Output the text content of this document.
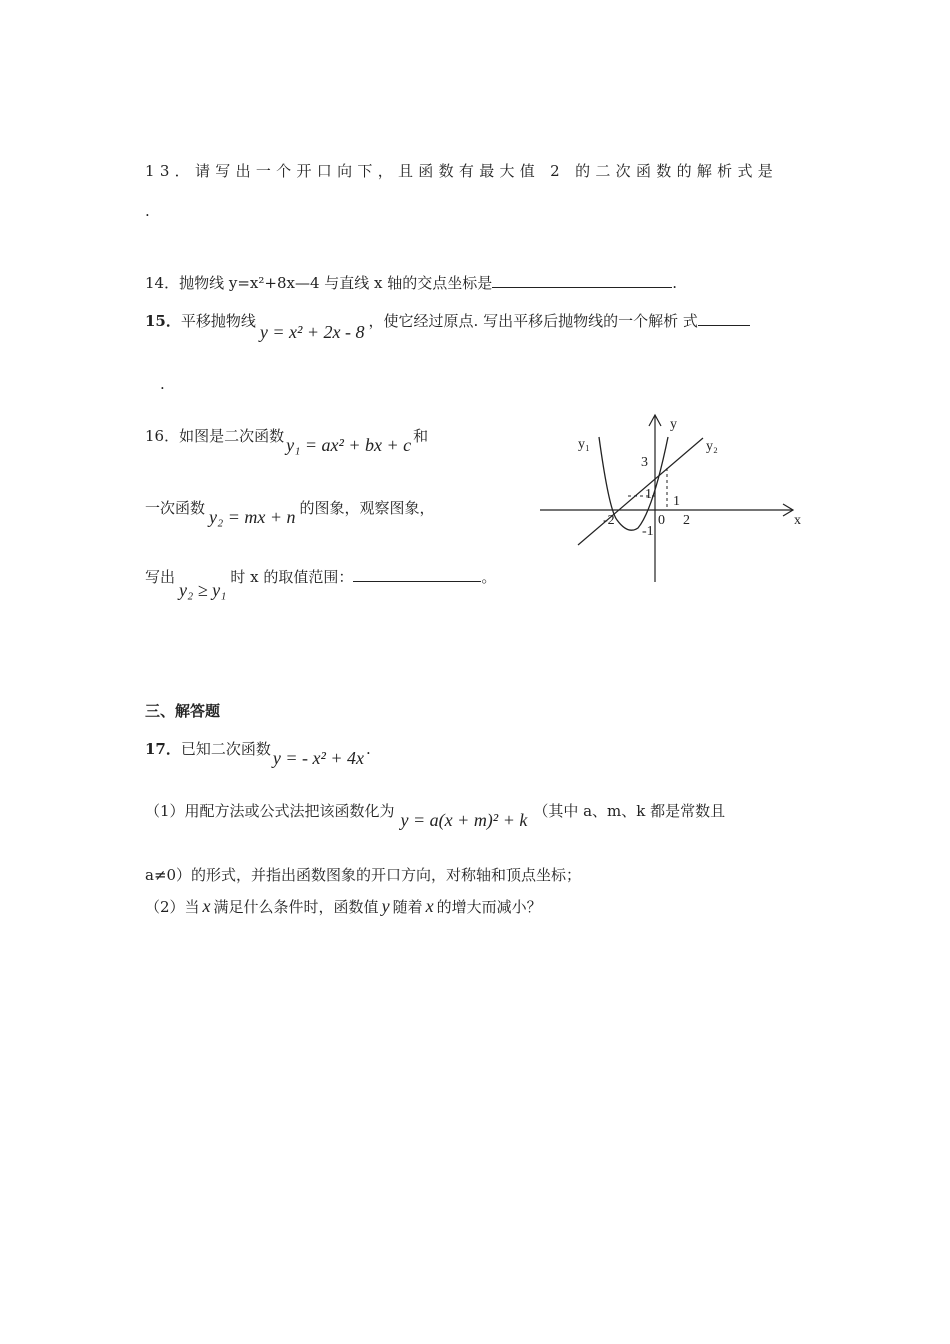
13．请写出一个开口向下，且函数有最大值 2 的二次函数的解析式是
.
14．抛物线 y=x²+8x—4 与直线 x 轴的交点坐标是	.
15．平移抛物线y = x² + 2x - 8，使它经过原点. 写出平移后抛物线的一个解析 式
.
16．如图是二次函数 y₁ = ax² + bx + c 和
一次函数 y₂ = mx + n 的图象，观察图象，
写出y₂ ≥ y₁时 x 的取值范围：	。
y
x
y₁	y₂
3
1 1
-1
-2	0 2
三、解答题
17．已知二次函数 y = - x² + 4x .
（1）用配方法或公式法把该函数化为 y = a(x + m)² + k （其中 a、m、k 都是常数且
a≠0）的形式，并指出函数图象的开口方向，对称轴和顶点坐标；
（2）当 x 满足什么条件时，函数值 y 随着 x 的增大而减小？
